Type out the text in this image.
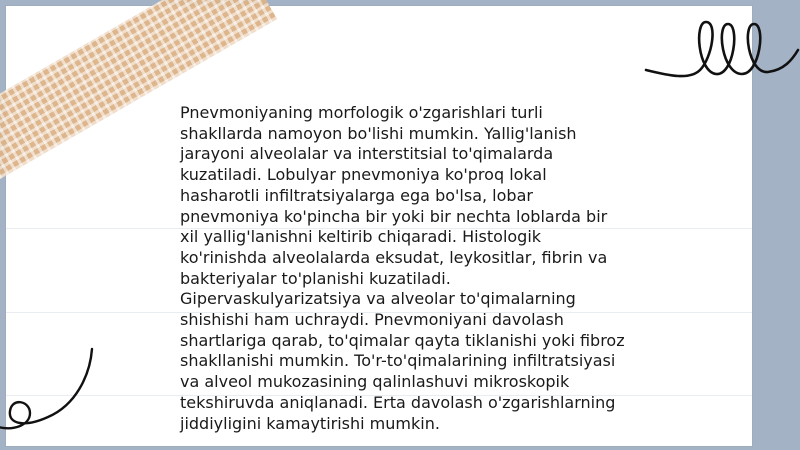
Pnevmoniyaning morfologik o'zgarishlari turli shakllarda namoyon bo'lishi mumkin. Yallig'lanish jarayoni alveolalar va interstitsial to'qimalarda kuzatiladi. Lobulyar pnevmoniya ko'proq lokal hasharotli infiltratsiyalarga ega bo'lsa, lobar pnevmoniya ko'pincha bir yoki bir nechta loblarda bir xil yallig'lanishni keltirib chiqaradi. Histologik ko'rinishda alveolalarda eksudat, leykositlar, fibrin va bakteriyalar to'planishi kuzatiladi. Gipervaskulyarizatsiya va alveolar to'qimalarning shishishi ham uchraydi. Pnevmoniyani davolash shartlariga qarab, to'qimalar qayta tiklanishi yoki fibroz shakllanishi mumkin. To'r-to'qimalarining infiltratsiyasi va alveol mukozasining qalinlashuvi mikroskopik tekshiruvda aniqlanadi. Erta davolash o'zgarishlarning jiddiyligini kamaytirishi mumkin.
